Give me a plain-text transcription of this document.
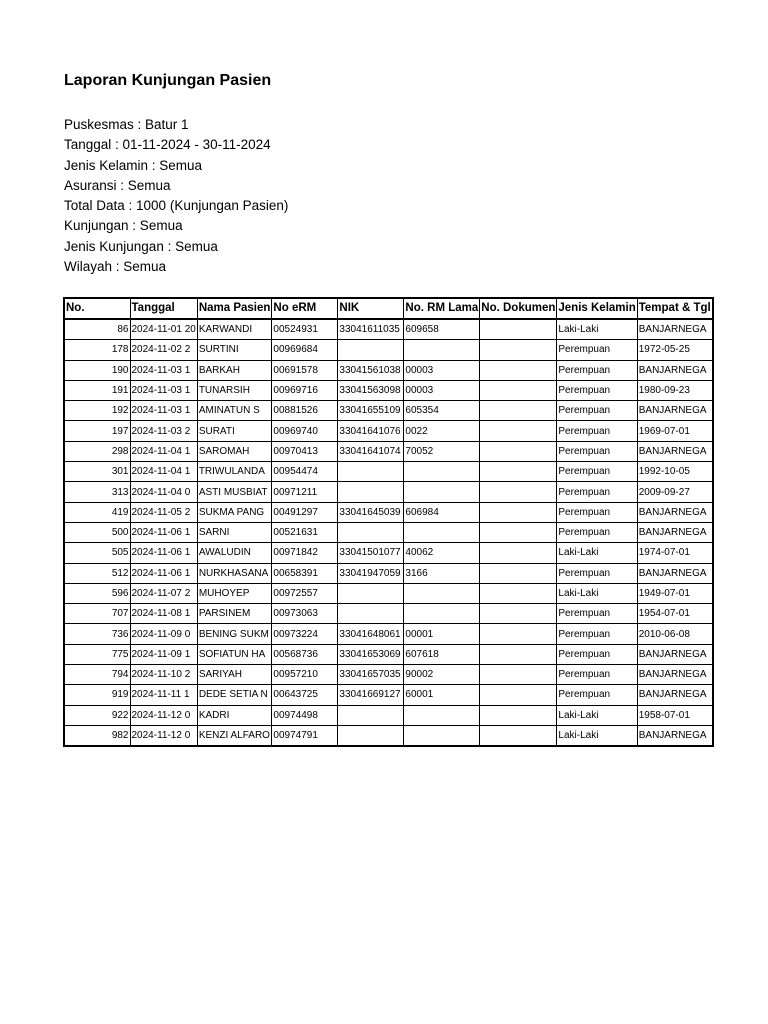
Laporan Kunjungan Pasien
Puskesmas : Batur 1
Tanggal : 01-11-2024 - 30-11-2024
Jenis Kelamin : Semua
Asuransi : Semua
Total Data : 1000 (Kunjungan Pasien)
Kunjungan : Semua
Jenis Kunjungan : Semua
Wilayah : Semua
No.	Tanggal	Nama Pasien	No eRM	NIK	No. RM Lama	No. Dokumen	Jenis Kelamin	Tempat & Tgl
86	2024-11-01 20	KARWANDI	00524931	33041611035	609658		Laki-Laki	BANJARNEGA
178	2024-11-02 2	SURTINI	00969684				Perempuan	1972-05-25
190	2024-11-03 1	BARKAH	00691578	33041561038	00003		Perempuan	BANJARNEGA
191	2024-11-03 1	TUNARSIH	00969716	33041563098	00003		Perempuan	1980-09-23
192	2024-11-03 1	AMINATUN S	00881526	33041655109	605354		Perempuan	BANJARNEGA
197	2024-11-03 2	SURATI	00969740	33041641076	0022		Perempuan	1969-07-01
298	2024-11-04 1	SAROMAH	00970413	33041641074	70052		Perempuan	BANJARNEGA
301	2024-11-04 1	TRIWULANDA	00954474				Perempuan	1992-10-05
313	2024-11-04 0	ASTI MUSBIAT	00971211				Perempuan	2009-09-27
419	2024-11-05 2	SUKMA PANG	00491297	33041645039	606984		Perempuan	BANJARNEGA
500	2024-11-06 1	SARNI	00521631				Perempuan	BANJARNEGA
505	2024-11-06 1	AWALUDIN	00971842	33041501077	40062		Laki-Laki	1974-07-01
512	2024-11-06 1	NURKHASANA	00658391	33041947059	3166		Perempuan	BANJARNEGA
596	2024-11-07 2	MUHOYEP	00972557				Laki-Laki	1949-07-01
707	2024-11-08 1	PARSINEM	00973063				Perempuan	1954-07-01
736	2024-11-09 0	BENING SUKM	00973224	33041648061	00001		Perempuan	2010-06-08
775	2024-11-09 1	SOFIATUN HA	00568736	33041653069	607618		Perempuan	BANJARNEGA
794	2024-11-10 2	SARIYAH	00957210	33041657035	90002		Perempuan	BANJARNEGA
919	2024-11-11 1	DEDE SETIA N	00643725	33041669127	60001		Perempuan	BANJARNEGA
922	2024-11-12 0	KADRI	00974498				Laki-Laki	1958-07-01
982	2024-11-12 0	KENZI ALFARO	00974791				Laki-Laki	BANJARNEGA
